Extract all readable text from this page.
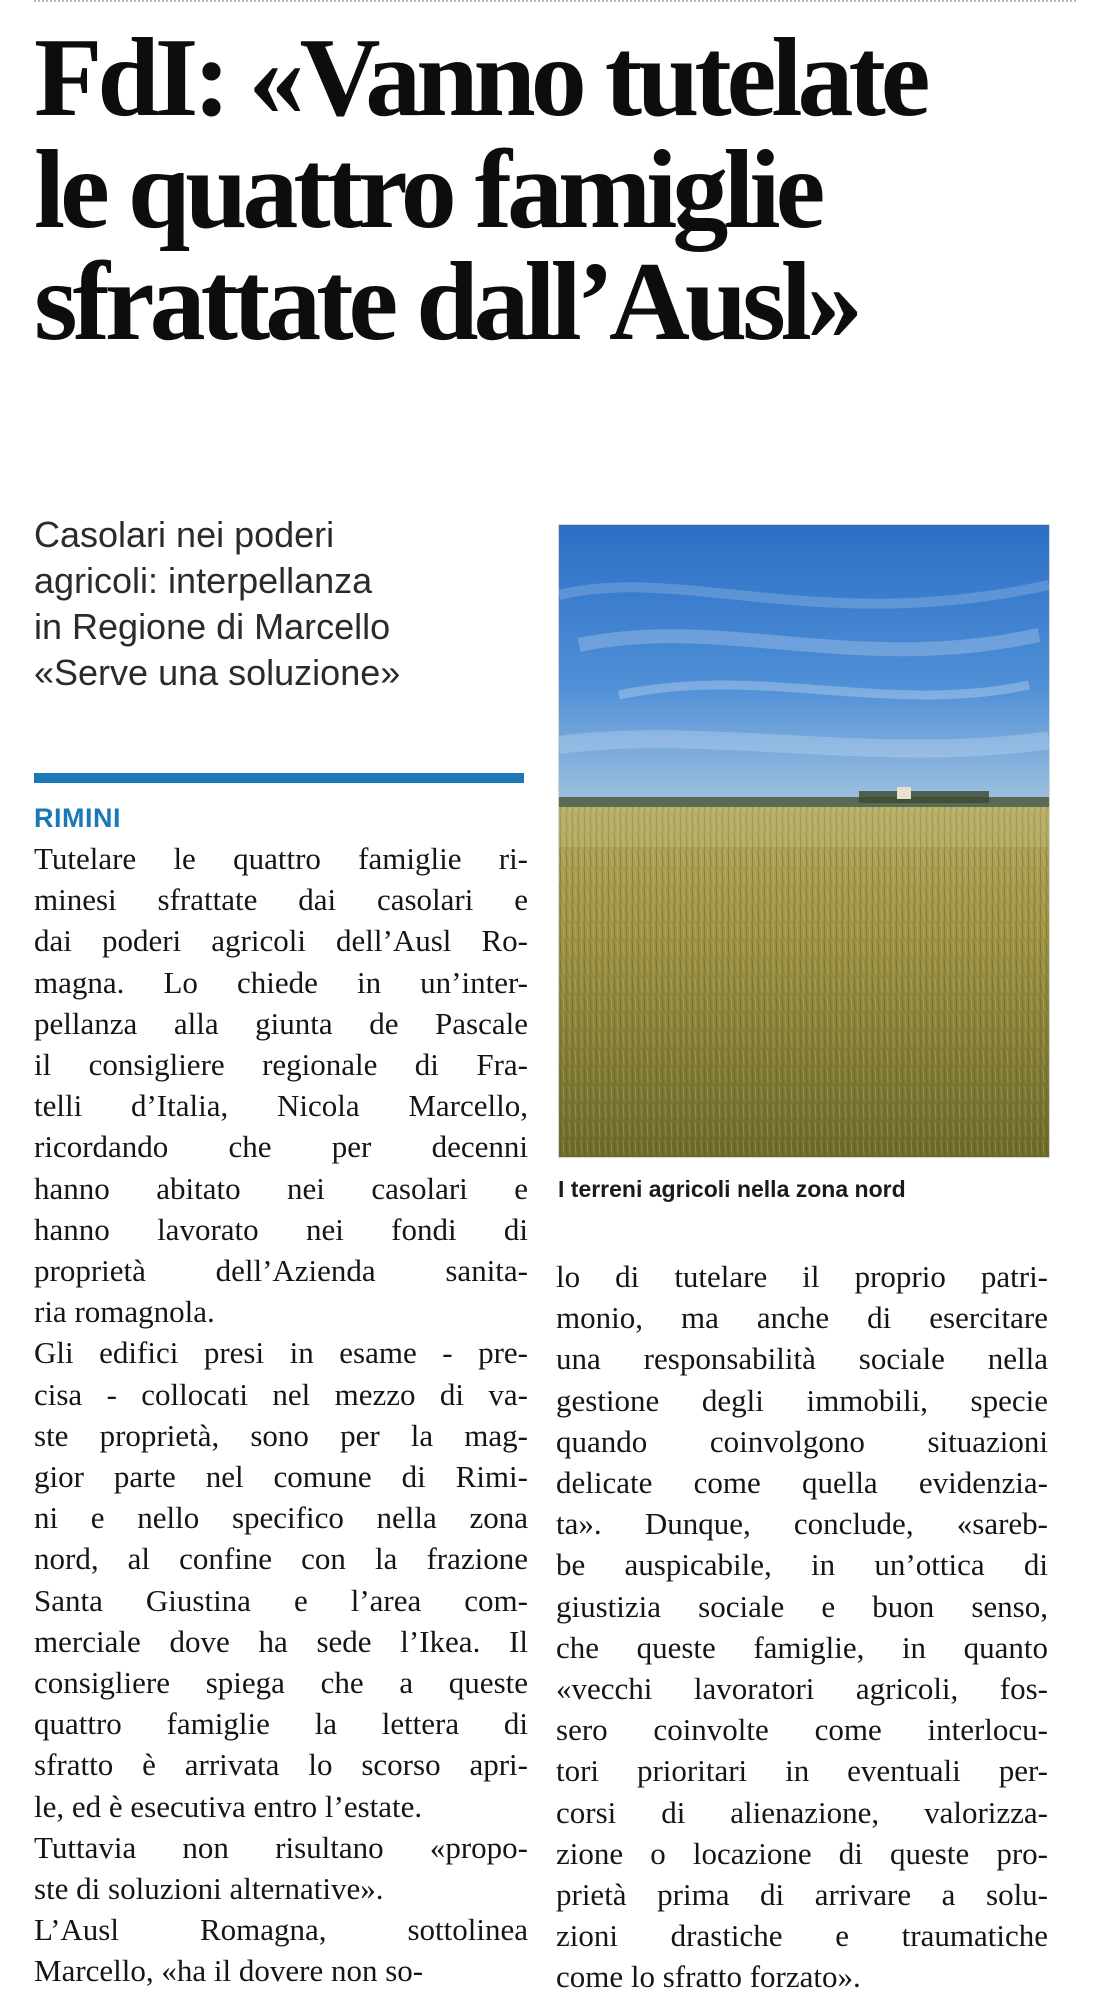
FdI: «Vanno tutelate
le quattro famiglie
sfrattate dall’Ausl»
Casolari nei poderi
agricoli: interpellanza
in Regione di Marcello
«Serve una soluzione»
RIMINI
Tutelare le quattro famiglie ri-
minesi sfrattate dai casolari e
dai poderi agricoli dell’Ausl Ro-
magna. Lo chiede in un’inter-
pellanza alla giunta de Pascale
il consigliere regionale di Fra-
telli d’Italia, Nicola Marcello,
ricordando che per decenni
hanno abitato nei casolari e
hanno lavorato nei fondi di
proprietà dell’Azienda sanita-
ria romagnola.
Gli edifici presi in esame - pre-
cisa - collocati nel mezzo di va-
ste proprietà, sono per la mag-
gior parte nel comune di Rimi-
ni e nello specifico nella zona
nord, al confine con la frazione
Santa Giustina e l’area com-
merciale dove ha sede l’Ikea. Il
consigliere spiega che a queste
quattro famiglie la lettera di
sfratto è arrivata lo scorso apri-
le, ed è esecutiva entro l’estate.
Tuttavia non risultano «propo-
ste di soluzioni alternative».
L’Ausl Romagna, sottolinea
Marcello, «ha il dovere non so-
I terreni agricoli nella zona nord
lo di tutelare il proprio patri-
monio, ma anche di esercitare
una responsabilità sociale nella
gestione degli immobili, specie
quando coinvolgono situazioni
delicate come quella evidenzia-
ta». Dunque, conclude, «sareb-
be auspicabile, in un’ottica di
giustizia sociale e buon senso,
che queste famiglie, in quanto
«vecchi lavoratori agricoli, fos-
sero coinvolte come interlocu-
tori prioritari in eventuali per-
corsi di alienazione, valorizza-
zione o locazione di queste pro-
prietà prima di arrivare a solu-
zioni drastiche e traumatiche
come lo sfratto forzato».
